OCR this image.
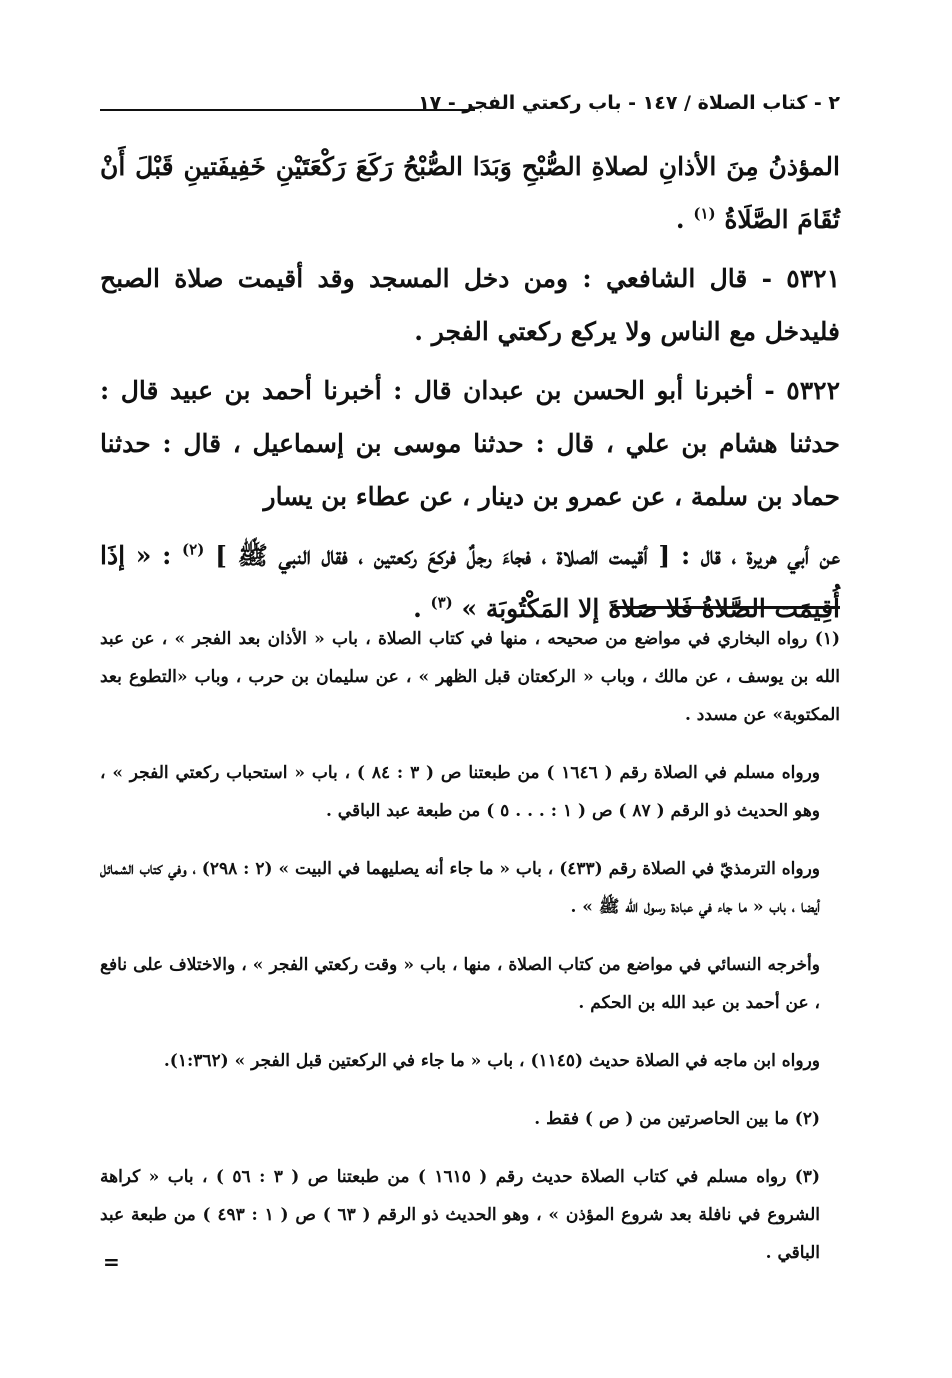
٢ - كتاب الصلاة / ١٤٧ - باب ركعتي الفجر - ١٧

المؤذنُ مِنَ الأذانِ لصلاةِ الصُّبْحِ وَبَدَا الصُّبْحُ رَكَعَ رَكْعَتَيْنِ خَفِيفَتينِ قَبْلَ أَنْ تُقَامَ الصَّلَاةُ $^{(١)}$ .

٥٣٢١ - قال الشافعي : ومن دخل المسجد وقد أقيمت صلاة الصبح فليدخل مع الناس ولا يركع ركعتي الفجر .

٥٣٢٢ - أخبرنا أبو الحسن بن عبدان قال : أخبرنا أحمد بن عبيد قال : حدثنا هشام بن علي ، قال : حدثنا موسى بن إسماعيل ، قال : حدثنا حماد بن سلمة ، عن عمرو بن دينار ، عن عطاء بن يسار

عن أبي هريرة ، قال : [ أقيمت الصلاة ، فجاءَ رجلٌ فركعَ ركعتين ، فقال النبي ﷺ ] $^{(٢)}$ : « إذَا أُقِيمَت الصَّلاةُ فَلا صَلاةَ إلا المَكْتُوبَة » $^{(٣)}$ .

(١) رواه البخاري في مواضع من صحيحه ، منها في كتاب الصلاة ، باب « الأذان بعد الفجر » ، عن عبد الله بن يوسف ، عن مالك ، وباب « الركعتان قبل الظهر » ، عن سليمان بن حرب ، وباب «التطوع بعد المكتوبة» عن مسدد .

ورواه مسلم في الصلاة رقم ( ١٦٤٦ ) من طبعتنا ص ( ٣ : ٨٤ ) ، باب « استحباب ركعتي الفجر » ، وهو الحديث ذو الرقم ( ٨٧ ) ص ( ١ : . . . ٥ ) من طبعة عبد الباقي .

ورواه الترمذيّ في الصلاة رقم (٤٣٣) ، باب « ما جاء أنه يصليهما في البيت » (٢ : ٢٩٨) ، وفي كتاب الشمائل أيضا ، باب « ما جاء في عبادة رسول الله ﷺ » .

وأخرجه النسائي في مواضع من كتاب الصلاة ، منها ، باب « وقت ركعتي الفجر » ، والاختلاف على نافع ، عن أحمد بن عبد الله بن الحكم .

ورواه ابن ماجه في الصلاة حديث (١١٤٥) ، باب « ما جاء في الركعتين قبل الفجر » (١:٣٦٢).

(٢) ما بين الحاصرتين من ( ص ) فقط .

(٣) رواه مسلم في كتاب الصلاة حديث رقم ( ١٦١٥ ) من طبعتنا ص ( ٣ : ٥٦ ) ، باب « كراهة الشروع في نافلة بعد شروع المؤذن » ، وهو الحديث ذو الرقم ( ٦٣ ) ص ( ١ : ٤٩٣ ) من طبعة عبد الباقي .

=
